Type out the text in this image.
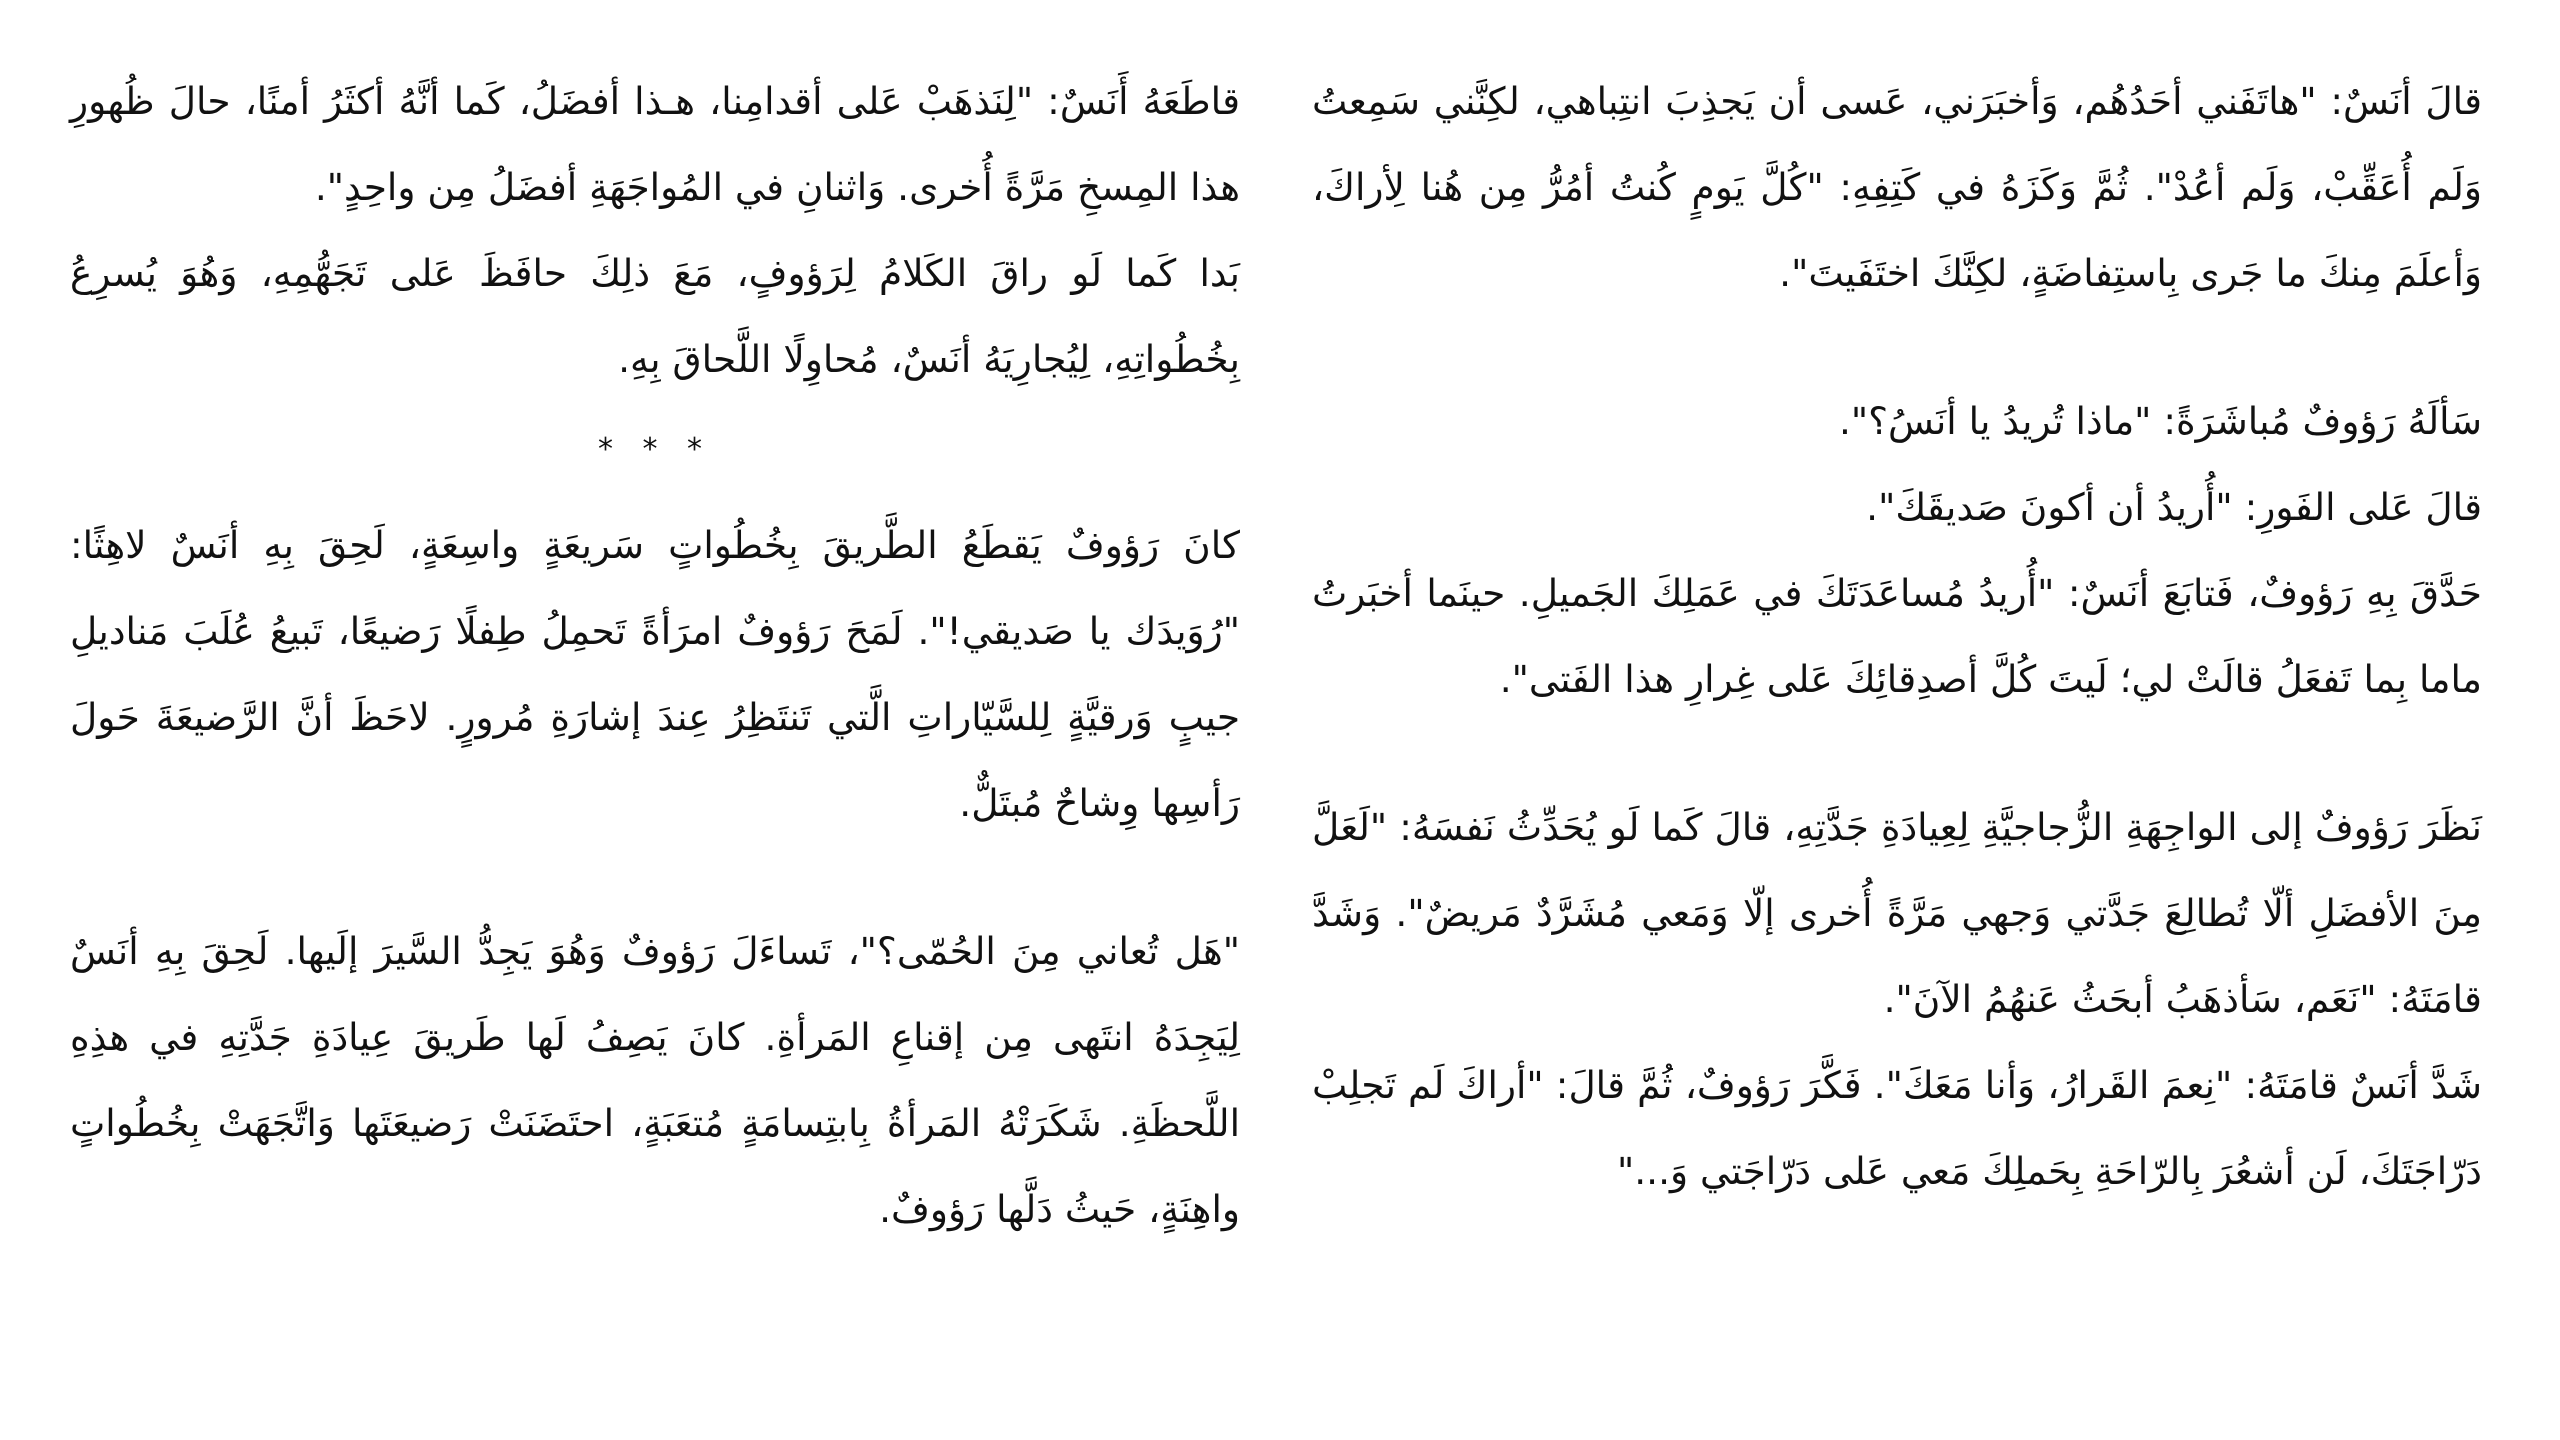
قاطَعَهُ أَنَسٌ: "لِنَذهَبْ عَلى أقدامِنا، هـذا أفضَلُ، كَما أنَّهُ أكثَرُ أمنًا، حالَ ظُهورِ هذا المِسخِ مَرَّةً أُخرى. وَاثنانِ في المُواجَهَةِ أفضَلُ مِن واحِدٍ".

بَدا كَما لَو راقَ الكَلامُ لِرَؤوفٍ، مَعَ ذلِكَ حافَظَ عَلى تَجَهُّمِهِ، وَهُوَ يُسرِعُ بِخُطُواتِهِ، لِيُجارِيَهُ أنَسٌ، مُحاوِلًا اللَّحاقَ بِهِ.

* * *

كانَ رَؤوفٌ يَقطَعُ الطَّريقَ بِخُطُواتٍ سَريعَةٍ واسِعَةٍ، لَحِقَ بِهِ أنَسٌ لاهِثًا: "رُوَيدَك يا صَديقي!". لَمَحَ رَؤوفٌ امرَأةً تَحمِلُ طِفلًا رَضيعًا، تَبيعُ عُلَبَ مَناديلِ جيبٍ وَرقيَّةٍ لِلسَّيّاراتِ الَّتي تَنتَظِرُ عِندَ إشارَةِ مُرورٍ. لاحَظَ أنَّ الرَّضيعَةَ حَولَ رَأسِها وِشاحٌ مُبتَلٌّ.

"هَل تُعاني مِنَ الحُمّى؟"، تَساءَلَ رَؤوفٌ وَهُوَ يَجِدُّ السَّيرَ إلَيها. لَحِقَ بِهِ أنَسٌ لِيَجِدَهُ انتَهى مِن إقناعِ المَرأةِ. كانَ يَصِفُ لَها طَريقَ عِيادَةِ جَدَّتِهِ في هذِهِ اللَّحظَةِ. شَكَرَتْهُ المَرأةُ بِابتِسامَةٍ مُتعَبَةٍ، احتَضَنَتْ رَضيعَتَها وَاتَّجَهَتْ بِخُطُواتٍ واهِنَةٍ، حَيثُ دَلَّها رَؤوفٌ.

قالَ أنَسٌ: "هاتَفَني أحَدُهُم، وَأخبَرَني، عَسى أن يَجذِبَ انتِباهي، لكِنَّني سَمِعتُ وَلَم أُعَقِّبْ، وَلَم أعُدْ". ثُمَّ وَكَزَهُ في كَتِفِهِ: "كُلَّ يَومٍ كُنتُ أمُرُّ مِن هُنا لِأراكَ، وَأعلَمَ مِنكَ ما جَرى بِاستِفاضَةٍ، لكِنَّكَ اختَفَيتَ".

سَألَهُ رَؤوفٌ مُباشَرَةً: "ماذا تُريدُ يا أنَسُ؟".

قالَ عَلى الفَورِ: "أُريدُ أن أكونَ صَديقَكَ".

حَدَّقَ بِهِ رَؤوفٌ، فَتابَعَ أنَسٌ: "أُريدُ مُساعَدَتَكَ في عَمَلِكَ الجَميلِ. حينَما أخبَرتُ ماما بِما تَفعَلُ قالَتْ لي؛ لَيتَ كُلَّ أصدِقائِكَ عَلى غِرارِ هذا الفَتى".

نَظَرَ رَؤوفٌ إلى الواجِهَةِ الزُّجاجيَّةِ لِعِيادَةِ جَدَّتِهِ، قالَ كَما لَو يُحَدِّثُ نَفسَهُ: "لَعَلَّ مِنَ الأفضَلِ ألّا تُطالِعَ جَدَّتي وَجهي مَرَّةً أُخرى إلّا وَمَعي مُشَرَّدٌ مَريضٌ". وَشَدَّ قامَتَهُ: "نَعَم، سَأذهَبُ أبحَثُ عَنهُمُ الآنَ".

شَدَّ أنَسٌ قامَتَهُ: "نِعمَ القَرارُ، وَأنا مَعَكَ". فَكَّرَ رَؤوفٌ، ثُمَّ قالَ: "أراكَ لَم تَجلِبْ دَرّاجَتَكَ، لَن أشعُرَ بِالرّاحَةِ بِحَملِكَ مَعي عَلى دَرّاجَتي وَ..."
